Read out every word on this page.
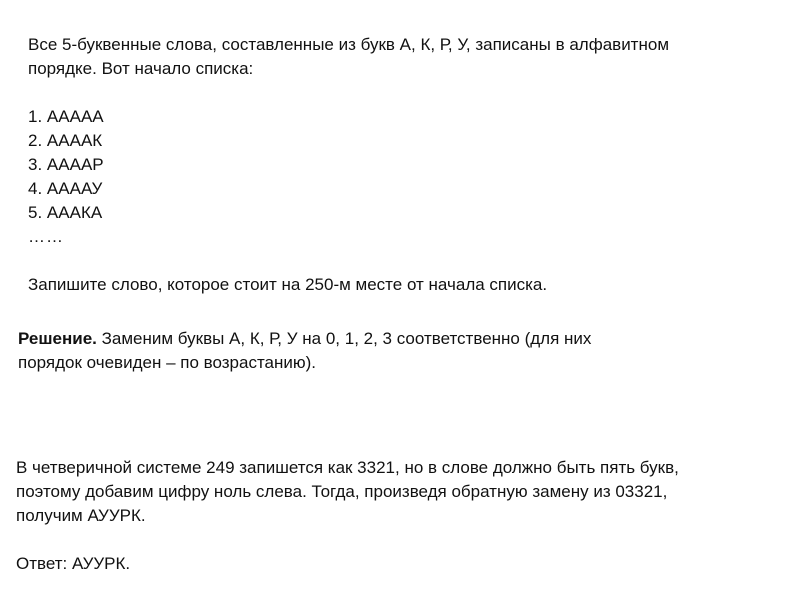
Все 5-буквенные слова, составленные из букв А, К, Р, У, записаны в алфавитном
порядке. Вот начало списка:
1. ААААА
2. ААААК
3. ААААР
4. ААААУ
5. АААКА
……
Запишите слово, которое стоит на 250-м месте от начала списка.
Решение. Заменим буквы А, К, Р, У на 0, 1, 2, 3 соответственно (для них
порядок очевиден – по возрастанию).
В четверичной системе 249 запишется как 3321, но в слове должно быть пять букв,
поэтому добавим цифру ноль слева. Тогда, произведя обратную замену из 03321,
получим АУУРК.
Ответ: АУУРК.
